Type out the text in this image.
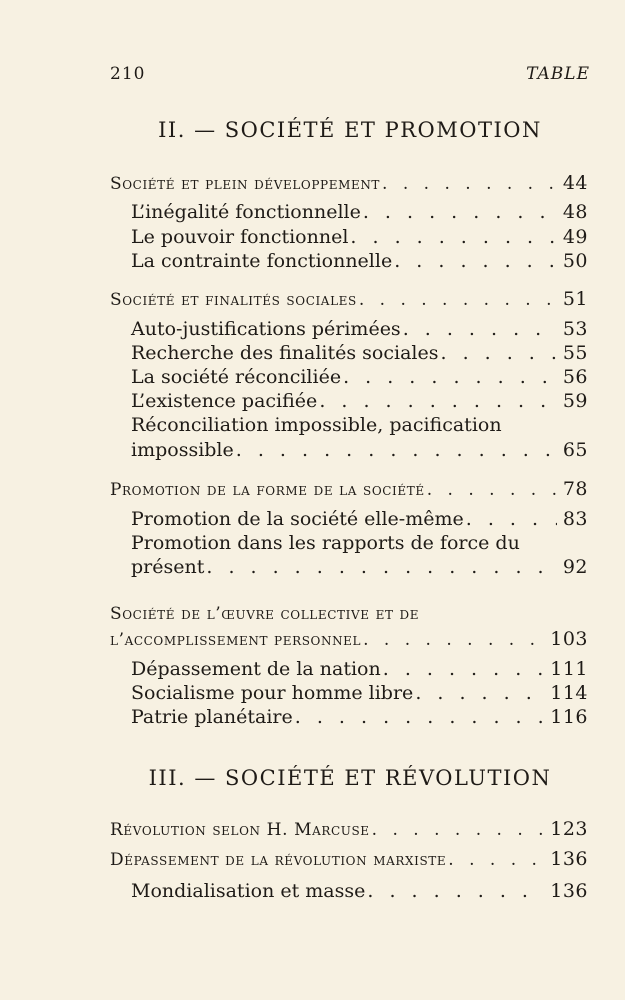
210	TABLE
II. — SOCIÉTÉ ET PROMOTION
Société et plein développement . . .	44
L’inégalité fonctionnelle . . .	48
Le pouvoir fonctionnel . . .	49
La contrainte fonctionnelle . . .	50
Société et finalités sociales . . .	51
Auto-justifications périmées . . .	53
Recherche des finalités sociales . . .	55
La société réconciliée . . .	56
L’existence pacifiée . . .	59
Réconciliation impossible, pacification
impossible . . .	65
Promotion de la forme de la société . . .	78
Promotion de la société elle-même . . .	83
Promotion dans les rapports de force du
présent . . .	92
Société de l’œuvre collective et de
l’accomplissement personnel . . .	103
Dépassement de la nation . . .	111
Socialisme pour homme libre . . .	114
Patrie planétaire . . .	116
III. — SOCIÉTÉ ET RÉVOLUTION
Révolution selon H. Marcuse . . .	123
Dépassement de la révolution marxiste . . .	136
Mondialisation et masse . . .	136
